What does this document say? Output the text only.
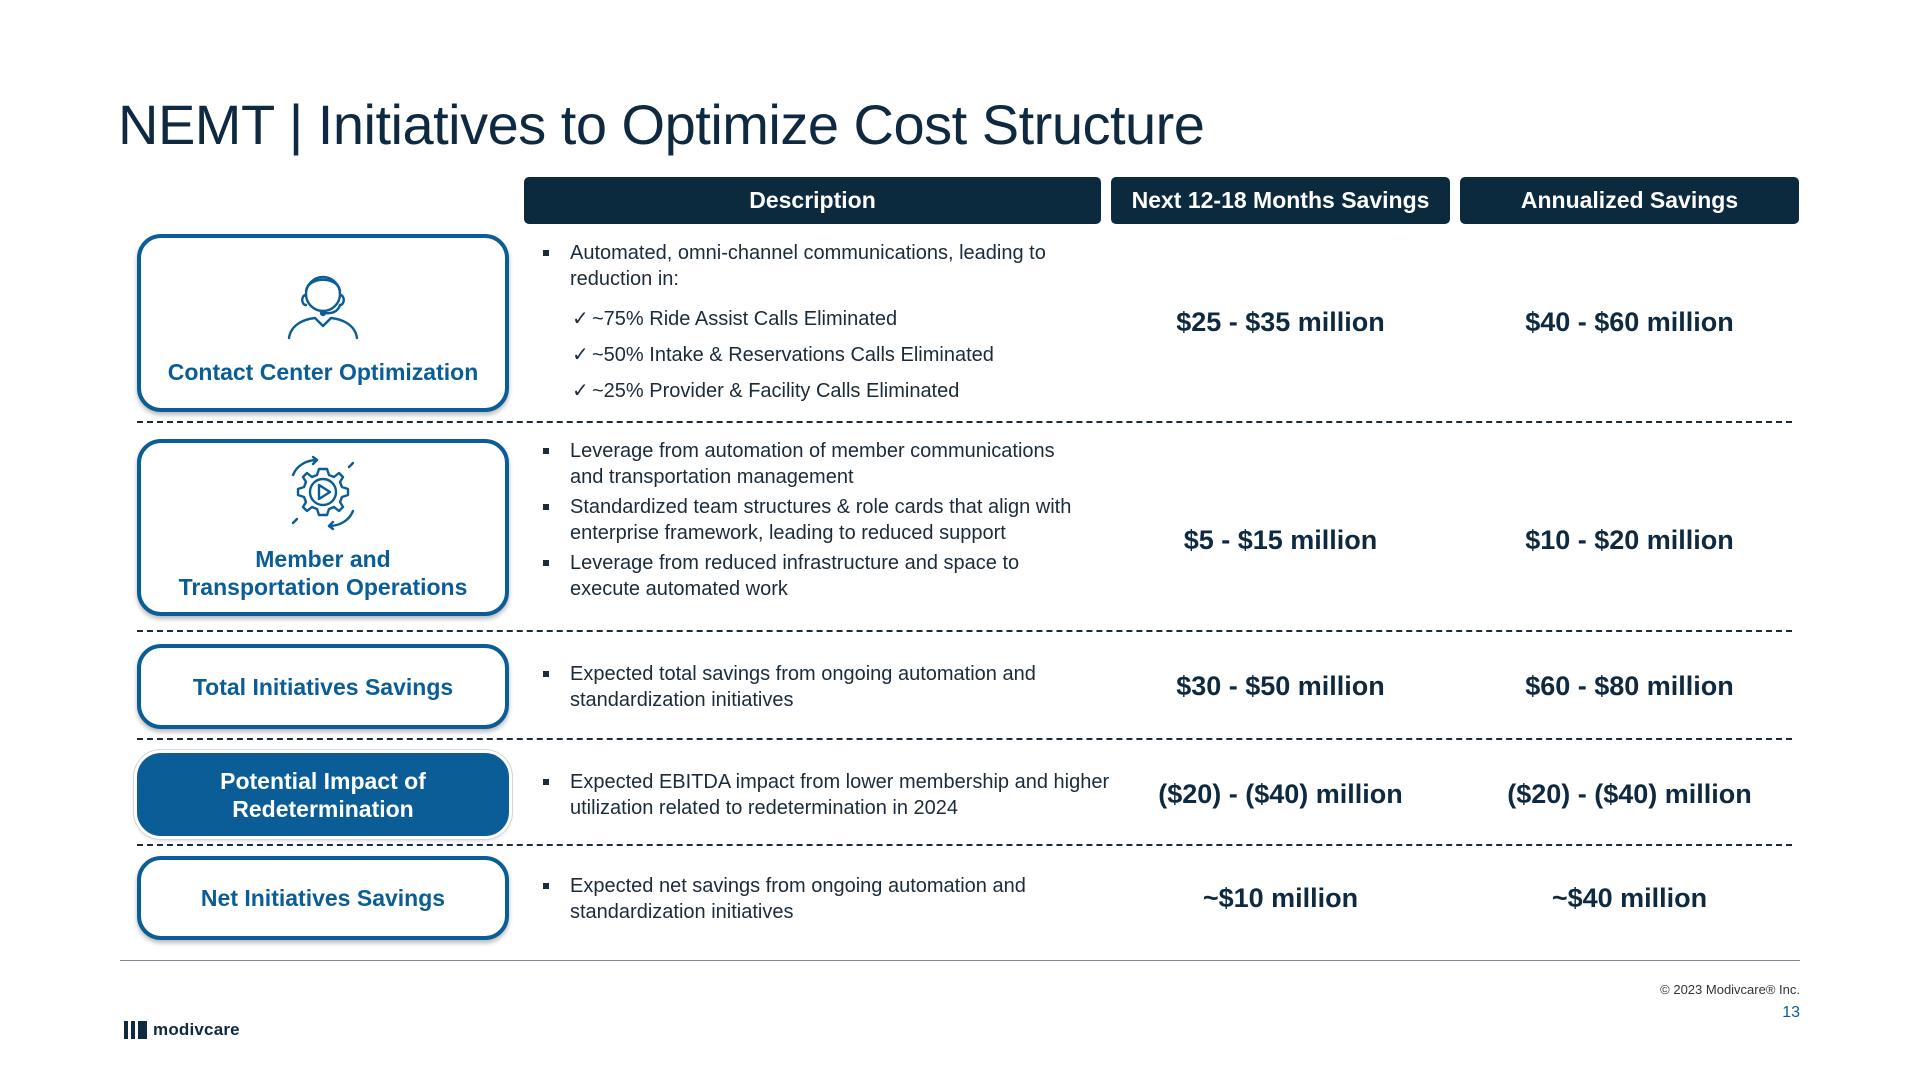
NEMT | Initiatives to Optimize Cost Structure
Description	Next 12-18 Months Savings	Annualized Savings
Contact Center Optimization
Automated, omni-channel communications, leading to reduction in:
✓ ~75% Ride Assist Calls Eliminated
✓ ~50% Intake & Reservations Calls Eliminated
✓ ~25% Provider & Facility Calls Eliminated
$25 - $35 million	$40 - $60 million
Member and
Transportation Operations
Leverage from automation of member communications and transportation management
Standardized team structures & role cards that align with enterprise framework, leading to reduced support
Leverage from reduced infrastructure and space to execute automated work
$5 - $15 million	$10 - $20 million
Total Initiatives Savings	Expected total savings from ongoing automation and standardization initiatives	$30 - $50 million	$60 - $80 million
Potential Impact of
Redetermination
Expected EBITDA impact from lower membership and higher utilization related to redetermination in 2024	($20) - ($40) million	($20) - ($40) million
Net Initiatives Savings	Expected net savings from ongoing automation and standardization initiatives	~$10 million	~$40 million
© 2023 Modivcare® Inc.
13
modivcare
